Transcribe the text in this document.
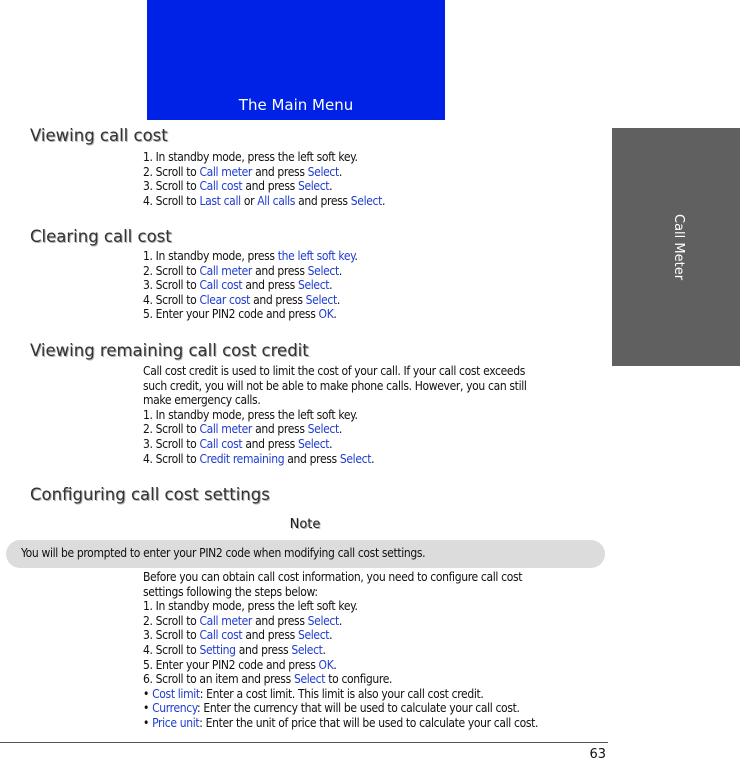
The Main Menu
Call Meter
Viewing call cost
1. In standby mode, press the left soft key.
2. Scroll to Call meter and press Select.
3. Scroll to Call cost and press Select.
4. Scroll to Last call or All calls and press Select.
Clearing call cost
1. In standby mode, press the left soft key.
2. Scroll to Call meter and press Select.
3. Scroll to Call cost and press Select.
4. Scroll to Clear cost and press Select.
5. Enter your PIN2 code and press OK.
Viewing remaining call cost credit
Call cost credit is used to limit the cost of your call. If your call cost exceeds
such credit, you will not be able to make phone calls. However, you can still
make emergency calls.
1. In standby mode, press the left soft key.
2. Scroll to Call meter and press Select.
3. Scroll to Call cost and press Select.
4. Scroll to Credit remaining and press Select.
Configuring call cost settings
Note
You will be prompted to enter your PIN2 code when modifying call cost settings.
Before you can obtain call cost information, you need to configure call cost
settings following the steps below:
1. In standby mode, press the left soft key.
2. Scroll to Call meter and press Select.
3. Scroll to Call cost and press Select.
4. Scroll to Setting and press Select.
5. Enter your PIN2 code and press OK.
6. Scroll to an item and press Select to configure.
• Cost limit: Enter a cost limit. This limit is also your call cost credit.
• Currency: Enter the currency that will be used to calculate your call cost.
• Price unit: Enter the unit of price that will be used to calculate your call cost.
63
